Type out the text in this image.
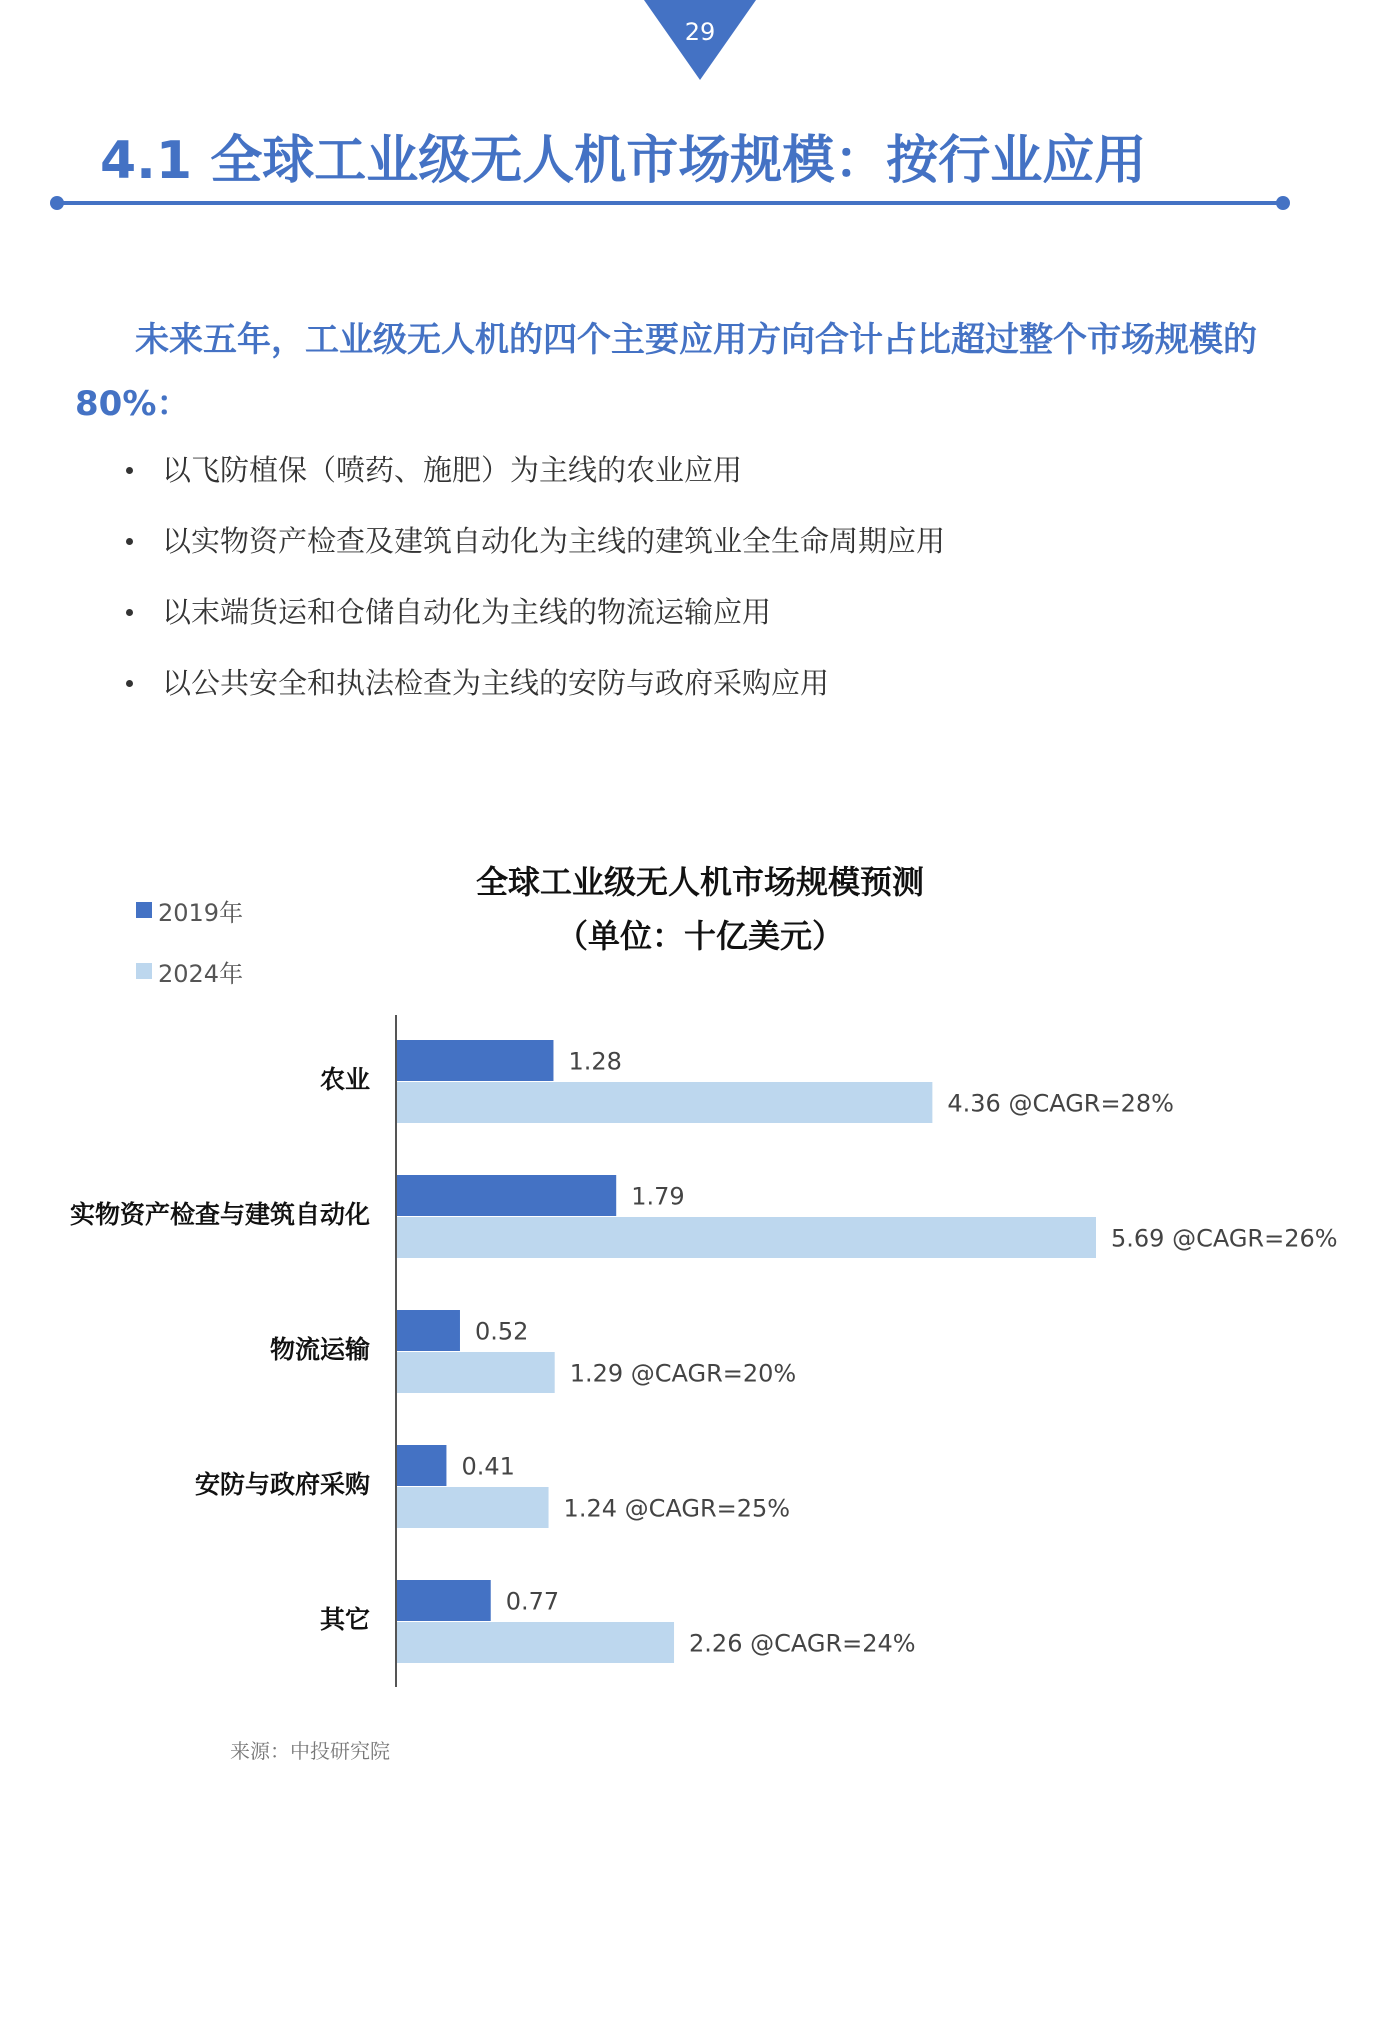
29
4.1 全球工业级无人机市场规模：按行业应用

未来五年，工业级无人机的四个主要应用方向合计占比超过整个市场规模的80%：

以飞防植保（喷药、施肥）为主线的农业应用
以实物资产检查及建筑自动化为主线的建筑业全生命周期应用
以末端货运和仓储自动化为主线的物流运输应用
以公共安全和执法检查为主线的安防与政府采购应用
全球工业级无人机市场规模预测
（单位：十亿美元）
2019年
2024年
农业
1.28
4.36 @CAGR=28%
实物资产检查与建筑自动化
1.79
5.69 @CAGR=26%
物流运输
0.52
1.29 @CAGR=20%
安防与政府采购
0.41
1.24 @CAGR=25%
其它
0.77
2.26 @CAGR=24%
来源：中投研究院
